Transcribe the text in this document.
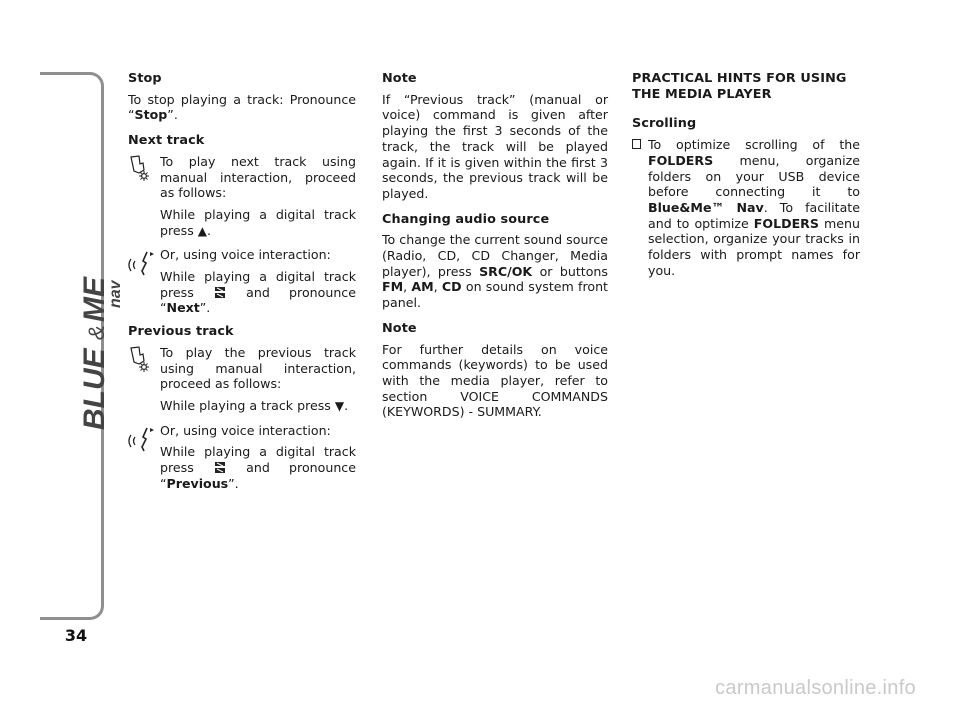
BLUE
&
ME
nav
34
Stop

To stop playing a track: Pronounce “Stop”.

Next track
To play next track using manual interaction, proceed as follows:

While playing a digital track press ▲.

Or, using voice interaction:

While playing a digital track press	and pronounce “Next”.

Previous track
To play the previous track using manual interaction, proceed as follows:

While playing a track press ▼.

Or, using voice interaction:

While playing a digital track press	and pronounce “Previous”.

Note

If “Previous track” (manual or voice) command is given after playing the first 3 seconds of the track, the track will be played again. If it is given within the first 3 seconds, the previous track will be played.

Changing audio source

To change the current sound source (Radio, CD, CD Changer, Media player), press SRC/OK or buttons FM, AM, CD on sound system front panel.

Note

For further details on voice commands (keywords) to be used with the media player, refer to section VOICE COMMANDS (KEYWORDS) - SUMMARY.

PRACTICAL HINTS FOR USING
THE MEDIA PLAYER
Scrolling
To optimize scrolling of the FOLDERS menu, organize folders on your USB device before connecting it to Blue&Me™ Nav. To facilitate and to optimize FOLDERS menu selection, organize your tracks in folders with prompt names for you.
carmanualsonline.info
